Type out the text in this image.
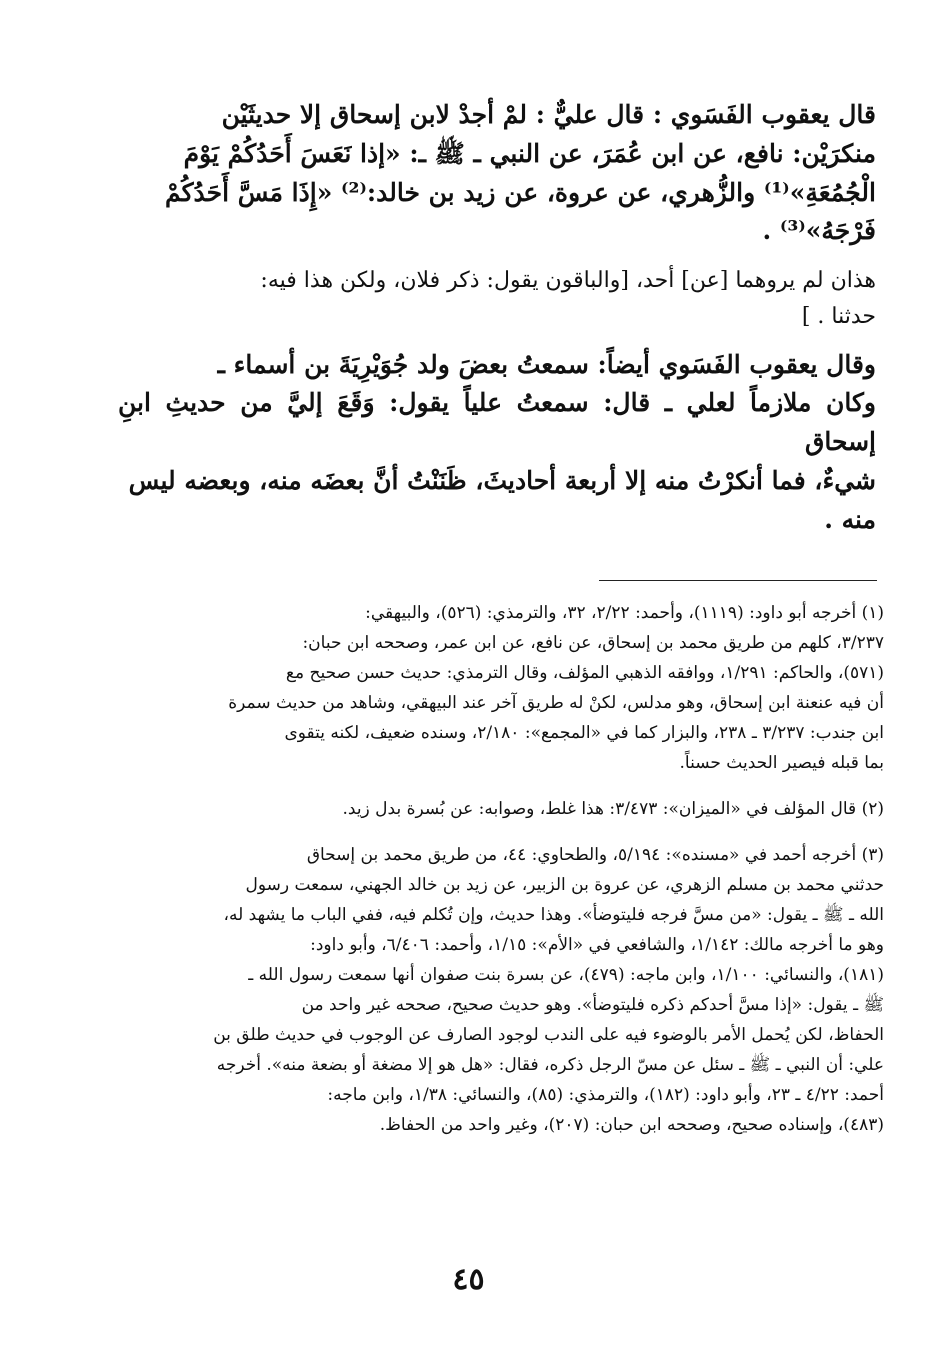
قال يعقوب الفَسَوي : قال عليٌّ : لمْ أجدْ لابن إسحاق إلا حديثَيْن
منكرَيْن: نافع، عن ابن عُمَرَ، عن النبي ـ ﷺ ـ: «إذا نَعَسَ أَحَدُكُمْ يَوْمَ
الْجُمُعَةِ»⁽¹⁾ والزُّهري، عن عروة، عن زيد بن خالد:⁽²⁾ «إِذَا مَسَّ أَحَدُكُمْ
فَرْجَهُ»⁽³⁾ .

هذان لم يروهما [عن] أحد، [والباقون يقول: ذكر فلان، ولكن هذا فيه:
حدثنا . ]

وقال يعقوب الفَسَوي أيضاً: سمعتُ بعضَ ولد جُوَيْرِيَةَ بن أسماء ـ
وكان ملازماً لعلي ـ قال: سمعتُ علياً يقول: وَقَعَ إليَّ من حديثِ ابنِ إسحاق
شيءٌ، فما أنكرْتُ منه إلا أربعة أحاديثَ، ظَنَنْتُ أنَّ بعضَه منه، وبعضه ليس
منه .

(١) أخرجه أبو داود: (١١١٩)، وأحمد: ٢/٢٢، ٣٢، والترمذي: (٥٢٦)، والبيهقي:
٣/٢٣٧، كلهم من طريق محمد بن إسحاق، عن نافع، عن ابن عمر، وصححه ابن حبان:
(٥٧١)، والحاكم: ١/٢٩١، ووافقه الذهبي المؤلف، وقال الترمذي: حديث حسن صحيح مع
أن فيه عنعنة ابن إسحاق، وهو مدلس، لكنْ له طريق آخر عند البيهقي، وشاهد من حديث سمرة
ابن جندب: ٣/٢٣٧ ـ ٢٣٨، والبزار كما في «المجمع»: ٢/١٨٠، وسنده ضعيف، لكنه يتقوى
بما قبله فيصير الحديث حسناً.
(٢) قال المؤلف في «الميزان»: ٣/٤٧٣: هذا غلط، وصوابه: عن بُسرة بدل زيد.
(٣) أخرجه أحمد في «مسنده»: ٥/١٩٤، والطحاوي: ٤٤، من طريق محمد بن إسحاق
حدثني محمد بن مسلم الزهري، عن عروة بن الزبير، عن زيد بن خالد الجهني، سمعت رسول
الله ـ ﷺ ـ يقول: «من مسَّ فرجه فليتوضأ». وهذا حديث، وإن تُكلم فيه، ففي الباب ما يشهد له،
وهو ما أخرجه مالك: ١/١٤٢، والشافعي في «الأم»: ١/١٥، وأحمد: ٦/٤٠٦، وأبو داود:
(١٨١)، والنسائي: ١/١٠٠، وابن ماجه: (٤٧٩)، عن بسرة بنت صفوان أنها سمعت رسول الله ـ
ﷺ ـ يقول: «إذا مسَّ أحدكم ذكره فليتوضأ». وهو حديث صحيح، صححه غير واحد من
الحفاظ، لكن يُحمل الأمر بالوضوء فيه على الندب لوجود الصارف عن الوجوب في حديث طلق بن
علي: أن النبي ـ ﷺ ـ سئل عن مسّ الرجل ذكره، فقال: «هل هو إلا مضغة أو بضعة منه». أخرجه
أحمد: ٤/٢٢ ـ ٢٣، وأبو داود: (١٨٢)، والترمذي: (٨٥)، والنسائي: ١/٣٨، وابن ماجه:
(٤٨٣)، وإسناده صحيح، وصححه ابن حبان: (٢٠٧)، وغير واحد من الحفاظ.
٤٥
